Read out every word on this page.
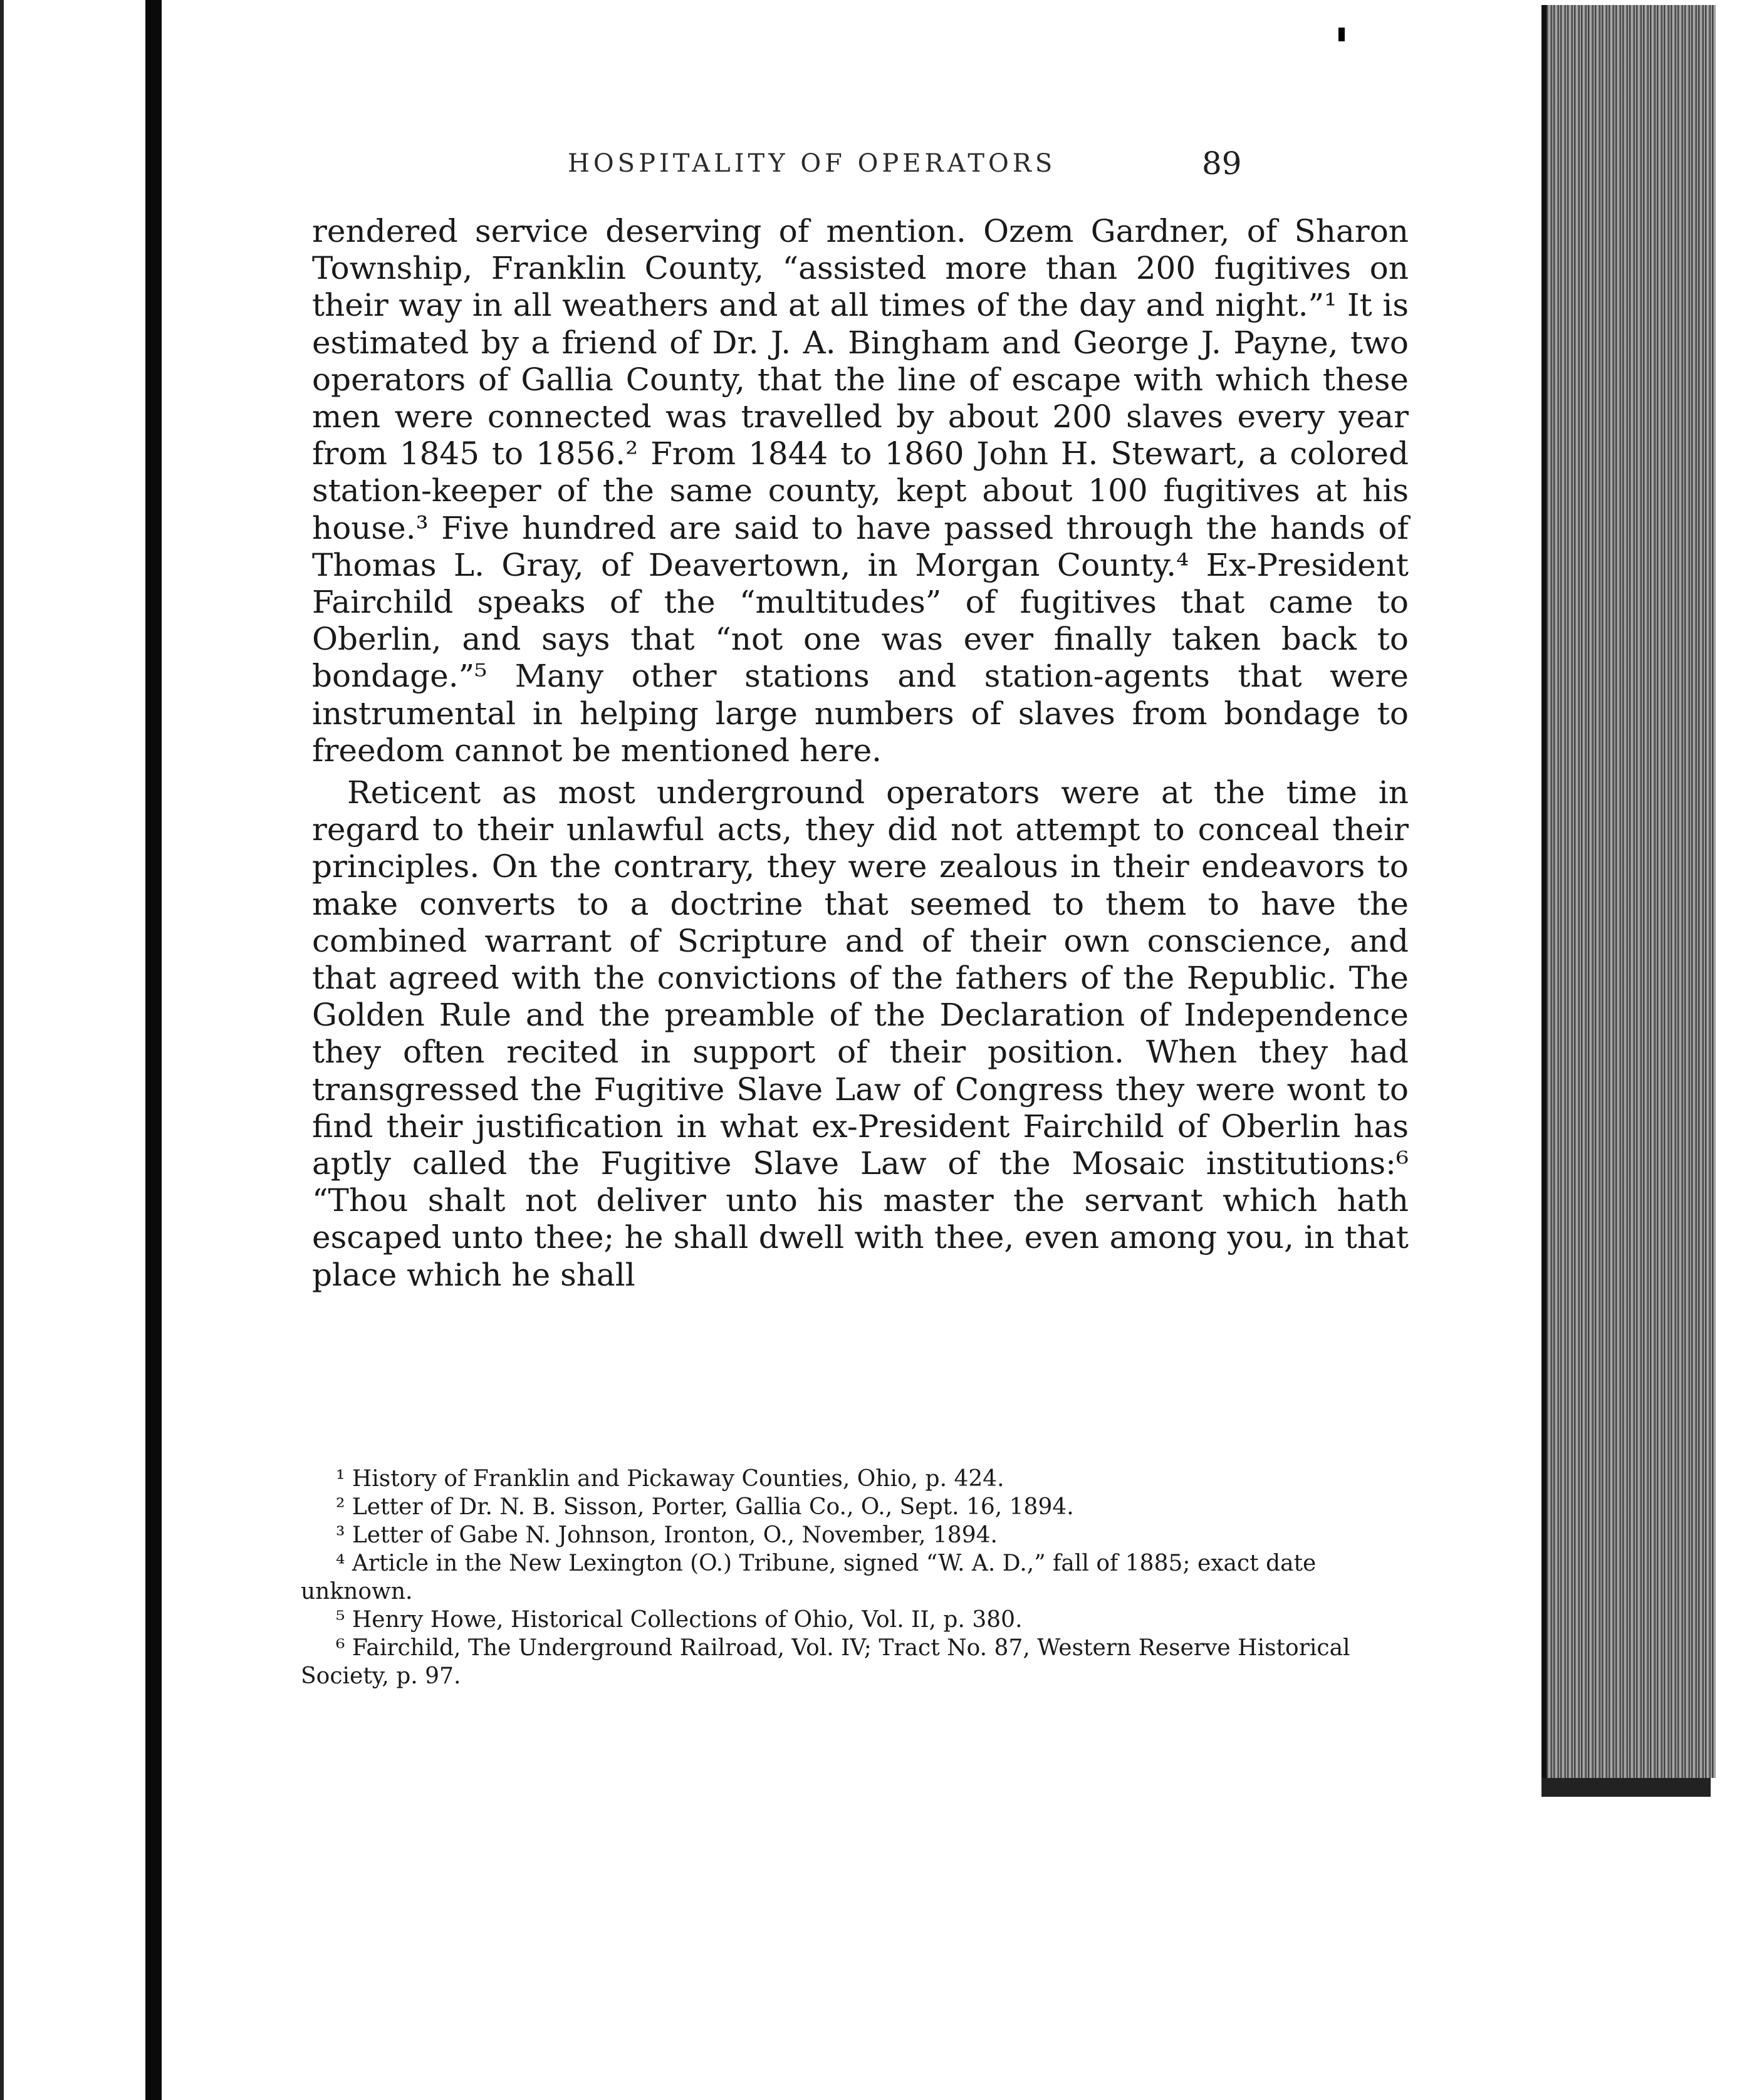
HOSPITALITY OF OPERATORS	89

rendered service deserving of mention. Ozem Gardner, of Sharon Township, Franklin County, “assisted more than 200 fugitives on their way in all weathers and at all times of the day and night.”¹ It is estimated by a friend of Dr. J. A. Bingham and George J. Payne, two operators of Gallia County, that the line of escape with which these men were connected was travelled by about 200 slaves every year from 1845 to 1856.² From 1844 to 1860 John H. Stewart, a colored station-keeper of the same county, kept about 100 fugitives at his house.³ Five hundred are said to have passed through the hands of Thomas L. Gray, of Deavertown, in Morgan County.⁴ Ex-President Fairchild speaks of the “multitudes” of fugitives that came to Oberlin, and says that “not one was ever finally taken back to bondage.”⁵ Many other stations and station-agents that were instrumental in helping large numbers of slaves from bondage to freedom cannot be mentioned here.

Reticent as most underground operators were at the time in regard to their unlawful acts, they did not attempt to conceal their principles. On the contrary, they were zealous in their endeavors to make converts to a doctrine that seemed to them to have the combined warrant of Scripture and of their own conscience, and that agreed with the convictions of the fathers of the Republic. The Golden Rule and the preamble of the Declaration of Independence they often recited in support of their position. When they had transgressed the Fugitive Slave Law of Congress they were wont to find their justification in what ex-President Fairchild of Oberlin has aptly called the Fugitive Slave Law of the Mosaic institutions:⁶ “Thou shalt not deliver unto his master the servant which hath escaped unto thee; he shall dwell with thee, even among you, in that place which he shall

¹ History of Franklin and Pickaway Counties, Ohio, p. 424.

² Letter of Dr. N. B. Sisson, Porter, Gallia Co., O., Sept. 16, 1894.

³ Letter of Gabe N. Johnson, Ironton, O., November, 1894.

⁴ Article in the New Lexington (O.) Tribune, signed “W. A. D.,” fall of 1885; exact date unknown.

⁵ Henry Howe, Historical Collections of Ohio, Vol. II, p. 380.

⁶ Fairchild, The Underground Railroad, Vol. IV; Tract No. 87, Western Reserve Historical Society, p. 97.
